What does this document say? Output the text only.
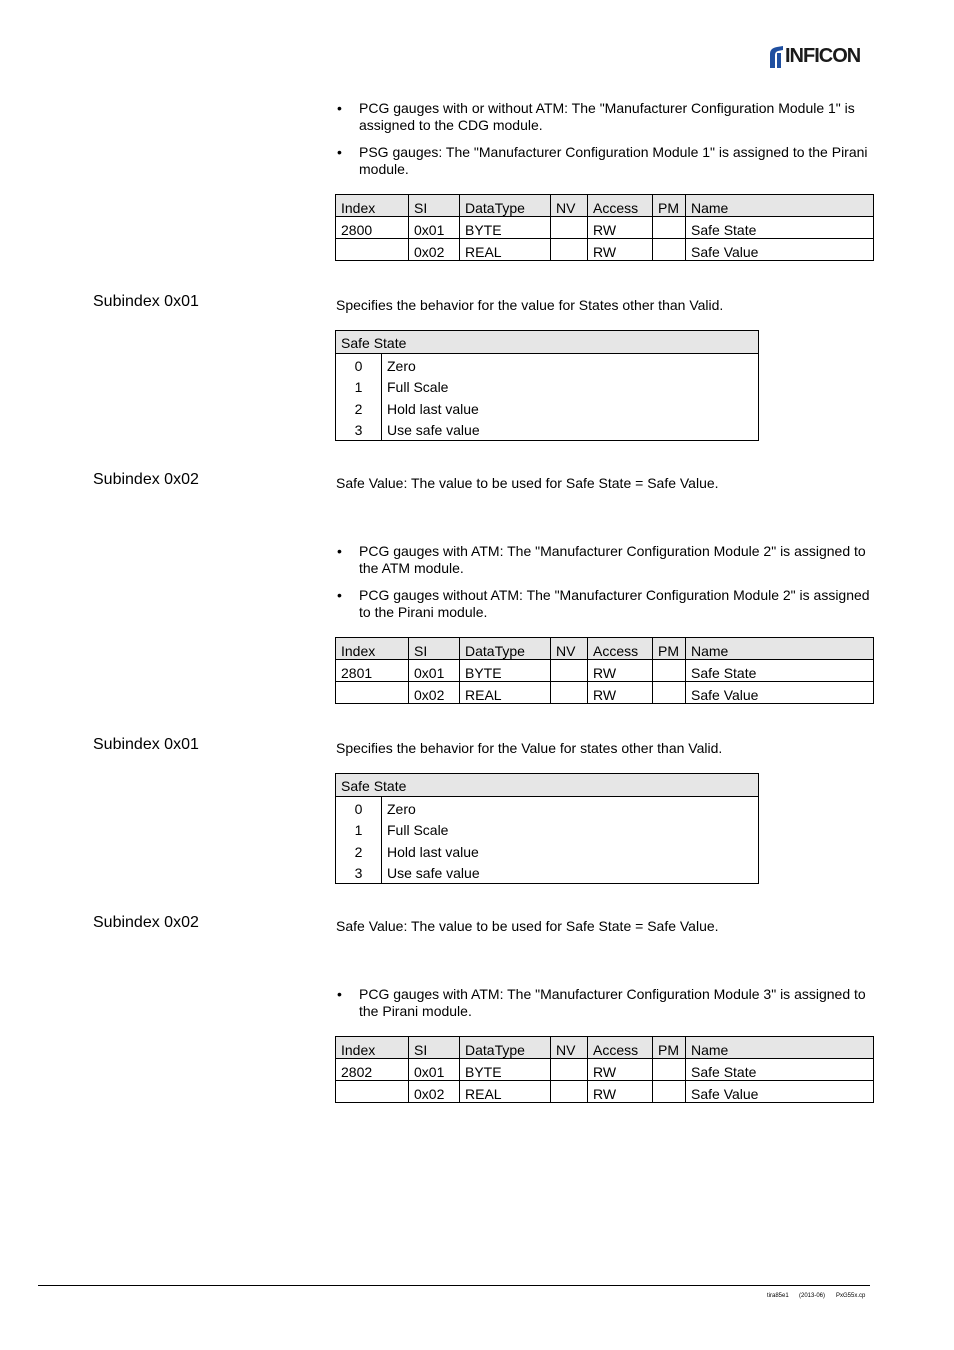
INFICON
• PCG gauges with or without ATM: The "Manufacturer Configuration Module 1" is assigned to the CDG module.
• PSG gauges: The "Manufacturer Configuration Module 1" is assigned to the Pirani module.
Index	SI	DataType	NV	Access	PM	Name
2800	0x01	BYTE		RW		Safe State
	0x02	REAL		RW		Safe Value
Subindex 0x01	Specifies the behavior for the value for States other than Valid.
Safe State
0	Zero
1	Full Scale
2	Hold last value
3	Use safe value
Subindex 0x02	Safe Value: The value to be used for Safe State = Safe Value.
• PCG gauges with ATM: The "Manufacturer Configuration Module 2" is assigned to the ATM module.
• PCG gauges without ATM: The "Manufacturer Configuration Module 2" is assigned to the Pirani module.
Index	SI	DataType	NV	Access	PM	Name
2801	0x01	BYTE		RW		Safe State
	0x02	REAL		RW		Safe Value
Subindex 0x01	Specifies the behavior for the Value for states other than Valid.
Safe State
0	Zero
1	Full Scale
2	Hold last value
3	Use safe value
Subindex 0x02	Safe Value: The value to be used for Safe State = Safe Value.
• PCG gauges with ATM: The "Manufacturer Configuration Module 3" is assigned to the Pirani module.
Index	SI	DataType	NV	Access	PM	Name
2802	0x01	BYTE		RW		Safe State
	0x02	REAL		RW		Safe Value
tira85e1 (2013-06) PxG55x.cp
